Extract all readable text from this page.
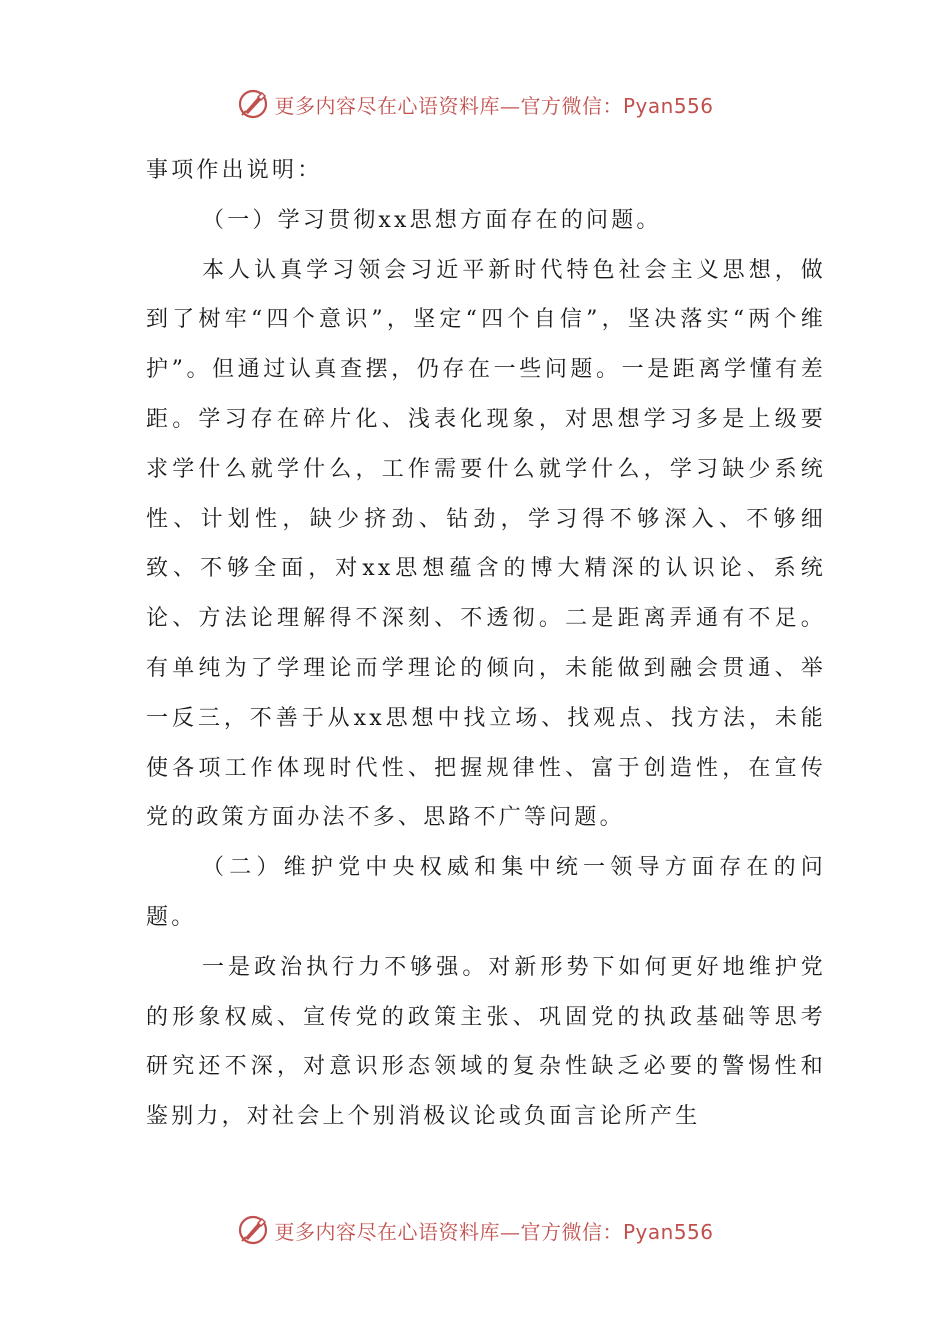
更多内容尽在心语资料库—官方微信：Pyan556

事项作出说明：

（一）学习贯彻xx思想方面存在的问题。

本人认真学习领会习近平新时代特色社会主义思想，做到了树牢“四个意识”，坚定“四个自信”，坚决落实“两个维护”。但通过认真查摆，仍存在一些问题。一是距离学懂有差距。学习存在碎片化、浅表化现象，对思想学习多是上级要求学什么就学什么，工作需要什么就学什么，学习缺少系统性、计划性，缺少挤劲、钻劲，学习得不够深入、不够细致、不够全面，对xx思想蕴含的博大精深的认识论、系统论、方法论理解得不深刻、不透彻。二是距离弄通有不足。有单纯为了学理论而学理论的倾向，未能做到融会贯通、举一反三，不善于从xx思想中找立场、找观点、找方法，未能使各项工作体现时代性、把握规律性、富于创造性，在宣传党的政策方面办法不多、思路不广等问题。

（二）维护党中央权威和集中统一领导方面存在的问题。

一是政治执行力不够强。对新形势下如何更好地维护党的形象权威、宣传党的政策主张、巩固党的执政基础等思考研究还不深，对意识形态领域的复杂性缺乏必要的警惕性和鉴别力，对社会上个别消极议论或负面言论所产生

更多内容尽在心语资料库—官方微信：Pyan556
